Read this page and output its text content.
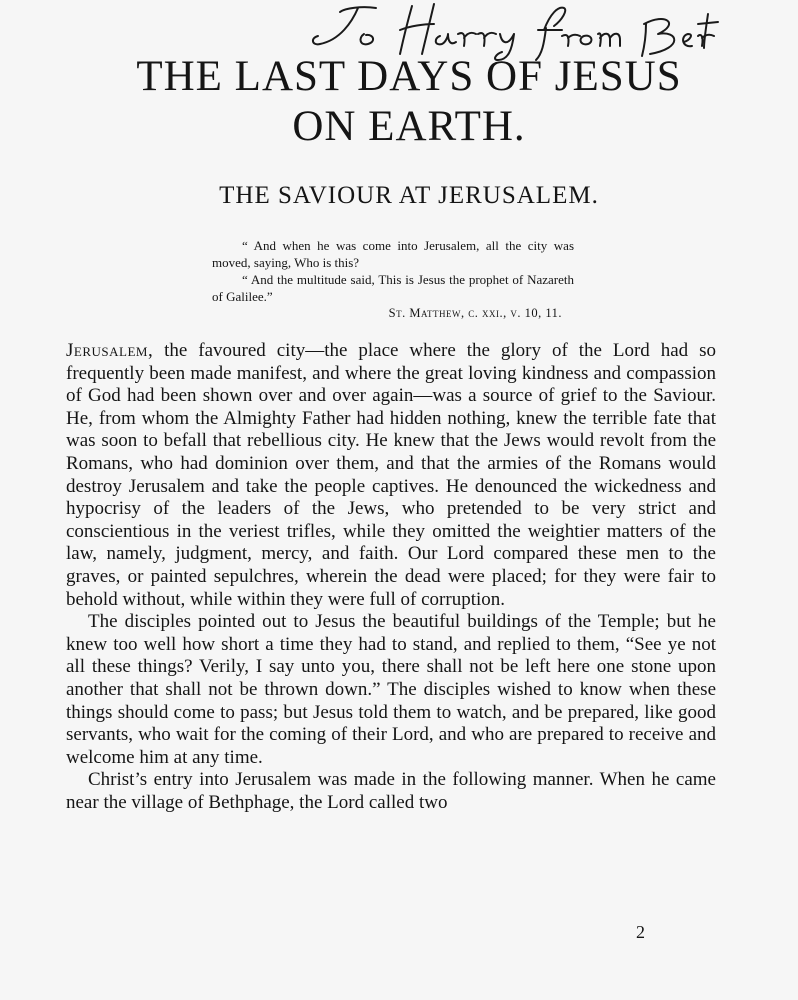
THE LAST DAYS OF JESUS
ON EARTH.
THE SAVIOUR AT JERUSALEM.

“ And when he was come into Jerusalem, all the city was moved, saying, Who is this?

“ And the multitude said, This is Jesus the prophet of Nazareth of Galilee.”

St. Matthew, c. xxi., v. 10, 11.

Jerusalem, the favoured city—the place where the glory of the Lord had so frequently been made manifest, and where the great loving kindness and compassion of God had been shown over and over again—was a source of grief to the Saviour. He, from whom the Almighty Father had hidden nothing, knew the terrible fate that was soon to befall that rebellious city. He knew that the Jews would revolt from the Romans, who had dominion over them, and that the armies of the Romans would destroy Jerusalem and take the people captives. He denounced the wickedness and hypocrisy of the leaders of the Jews, who pretended to be very strict and conscientious in the veriest trifles, while they omitted the weightier matters of the law, namely, judgment, mercy, and faith. Our Lord compared these men to the graves, or painted sepulchres, wherein the dead were placed; for they were fair to behold without, while within they were full of corruption.

The disciples pointed out to Jesus the beautiful buildings of the Temple; but he knew too well how short a time they had to stand, and replied to them, “See ye not all these things? Verily, I say unto you, there shall not be left here one stone upon another that shall not be thrown down.” The disciples wished to know when these things should come to pass; but Jesus told them to watch, and be prepared, like good servants, who wait for the coming of their Lord, and who are prepared to receive and welcome him at any time.

Christ’s entry into Jerusalem was made in the following manner. When he came near the village of Bethphage, the Lord called two

2
